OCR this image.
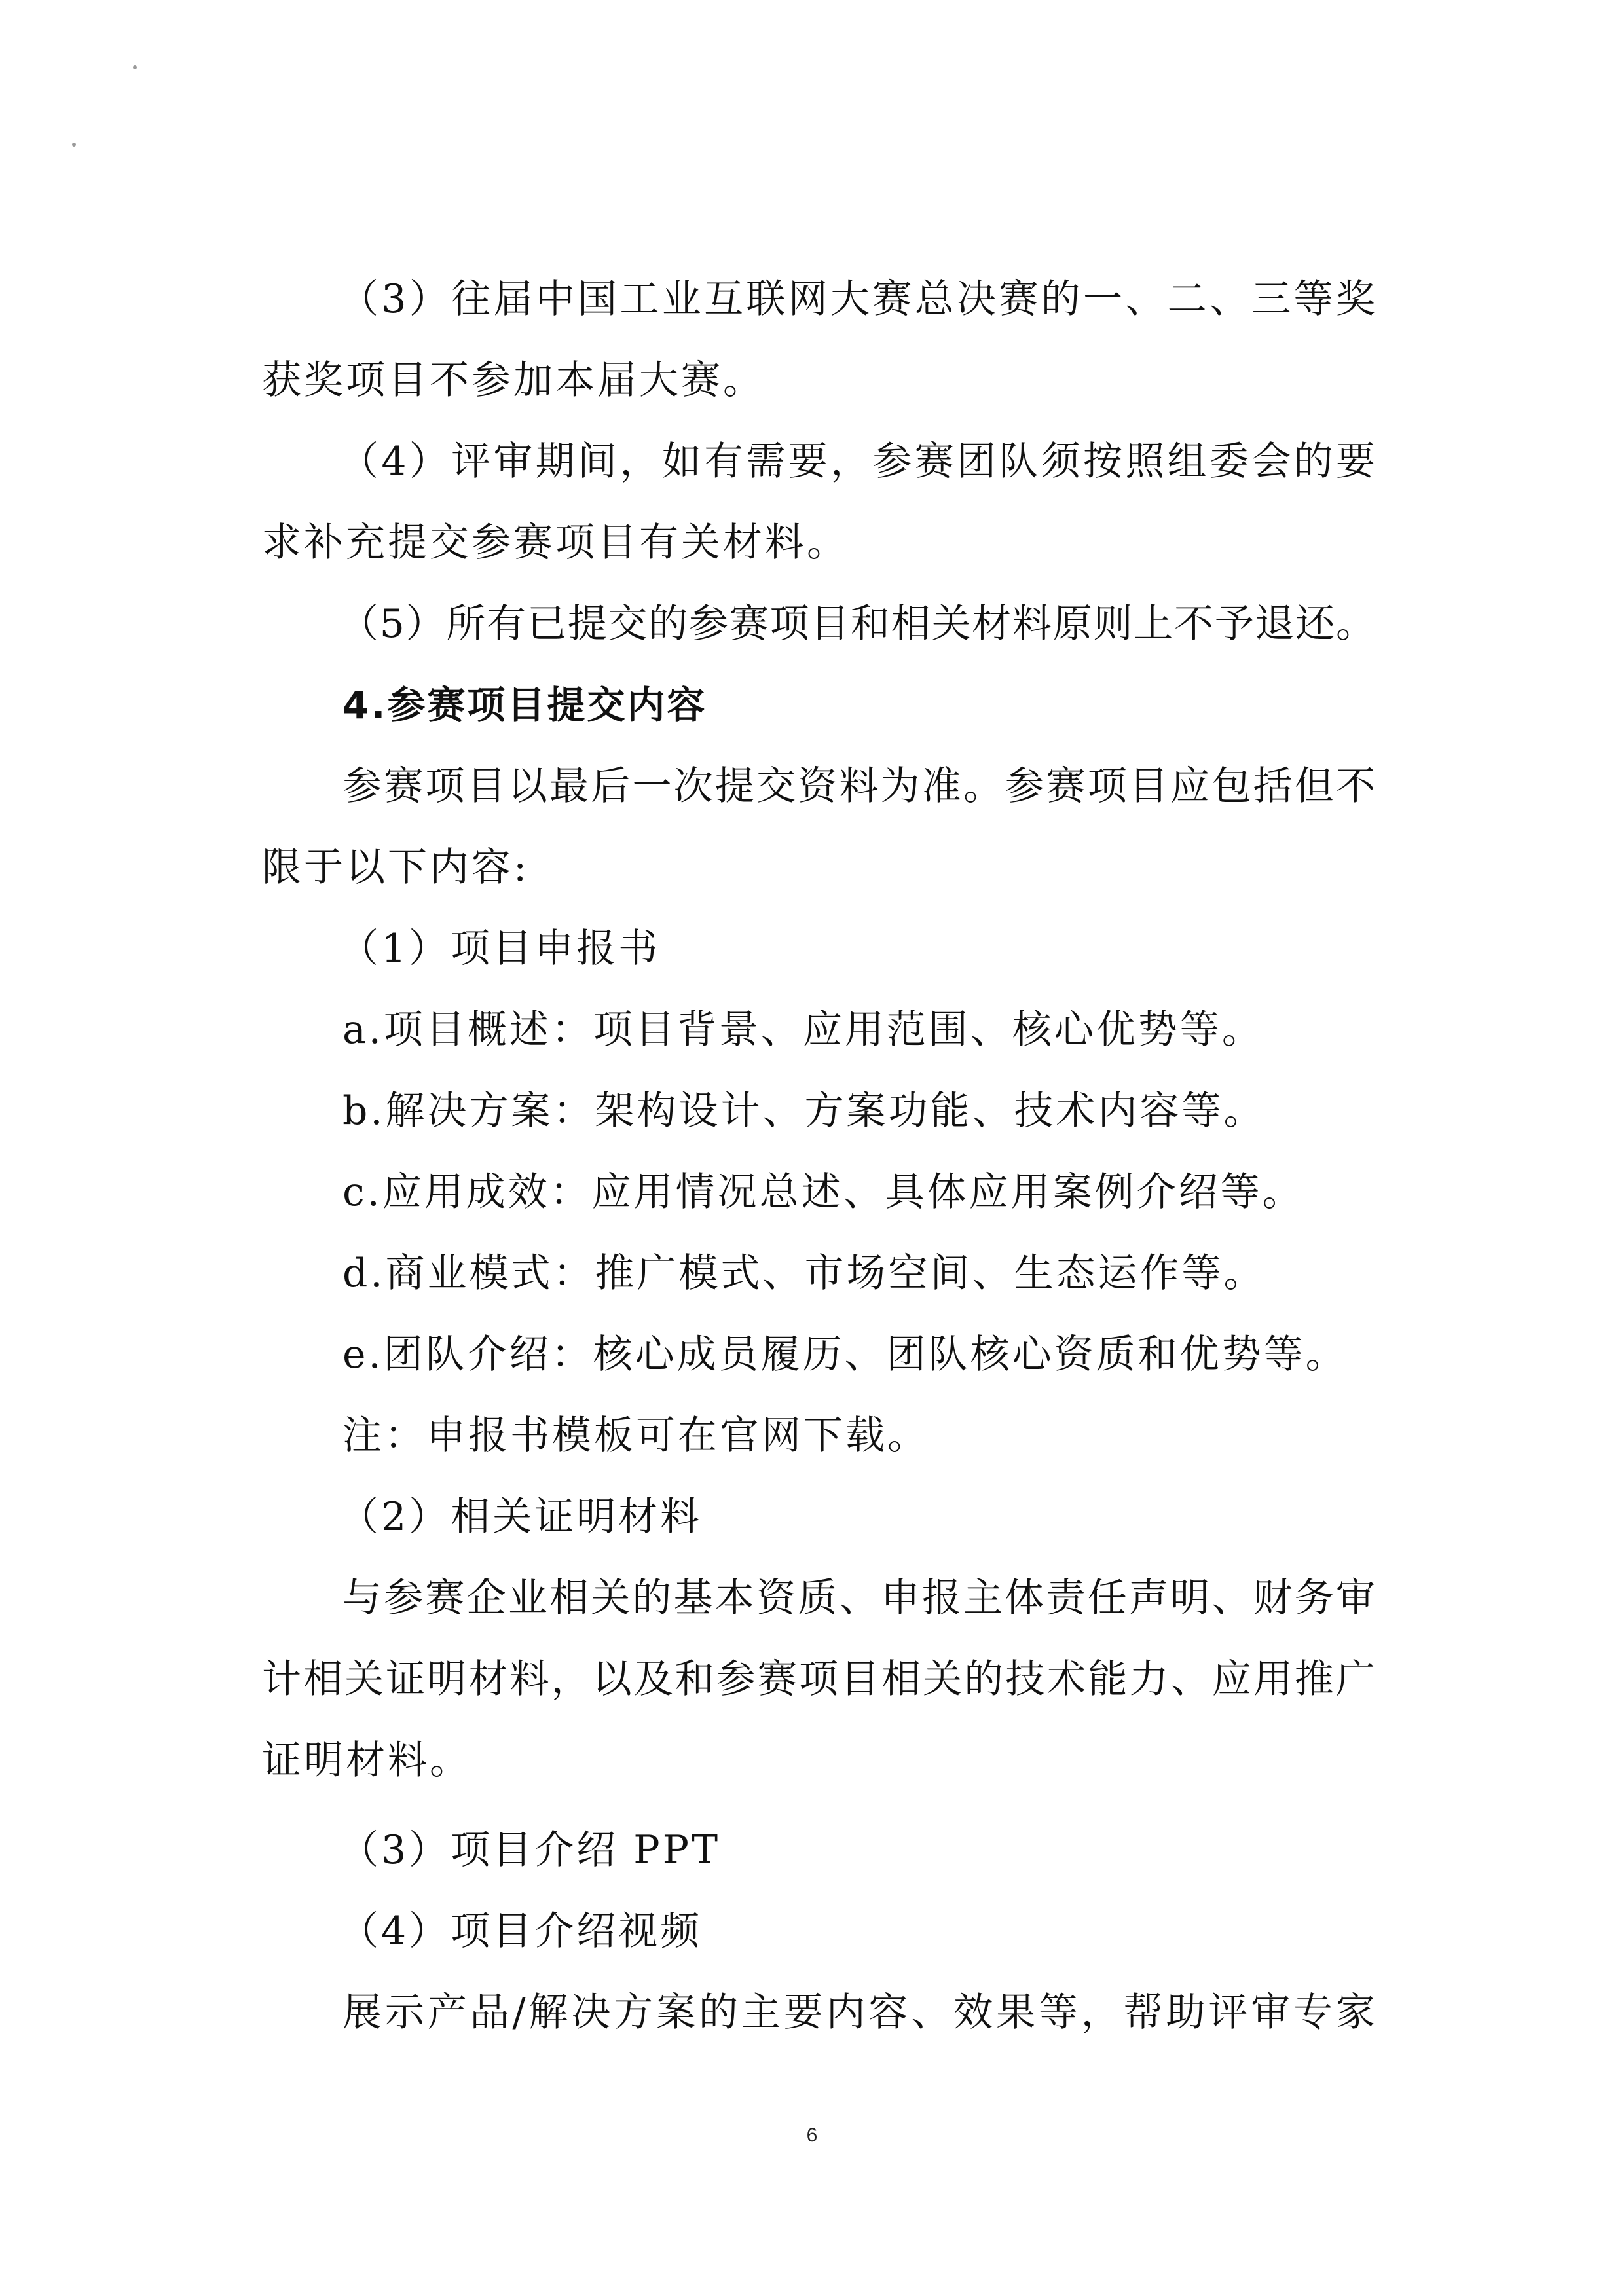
（3）往届中国工业互联网大赛总决赛的一、二、三等奖
获奖项目不参加本届大赛。
（4）评审期间，如有需要，参赛团队须按照组委会的要
求补充提交参赛项目有关材料。
（5）所有已提交的参赛项目和相关材料原则上不予退还。
4.参赛项目提交内容
参赛项目以最后一次提交资料为准。参赛项目应包括但不
限于以下内容:
（1）项目申报书
a.项目概述：项目背景、应用范围、核心优势等。
b.解决方案：架构设计、方案功能、技术内容等。
c.应用成效：应用情况总述、具体应用案例介绍等。
d.商业模式：推广模式、市场空间、生态运作等。
e.团队介绍：核心成员履历、团队核心资质和优势等。
注：申报书模板可在官网下载。
（2）相关证明材料
与参赛企业相关的基本资质、申报主体责任声明、财务审
计相关证明材料，以及和参赛项目相关的技术能力、应用推广
证明材料。
（3）项目介绍 PPT
（4）项目介绍视频
展示产品/解决方案的主要内容、效果等，帮助评审专家
6
